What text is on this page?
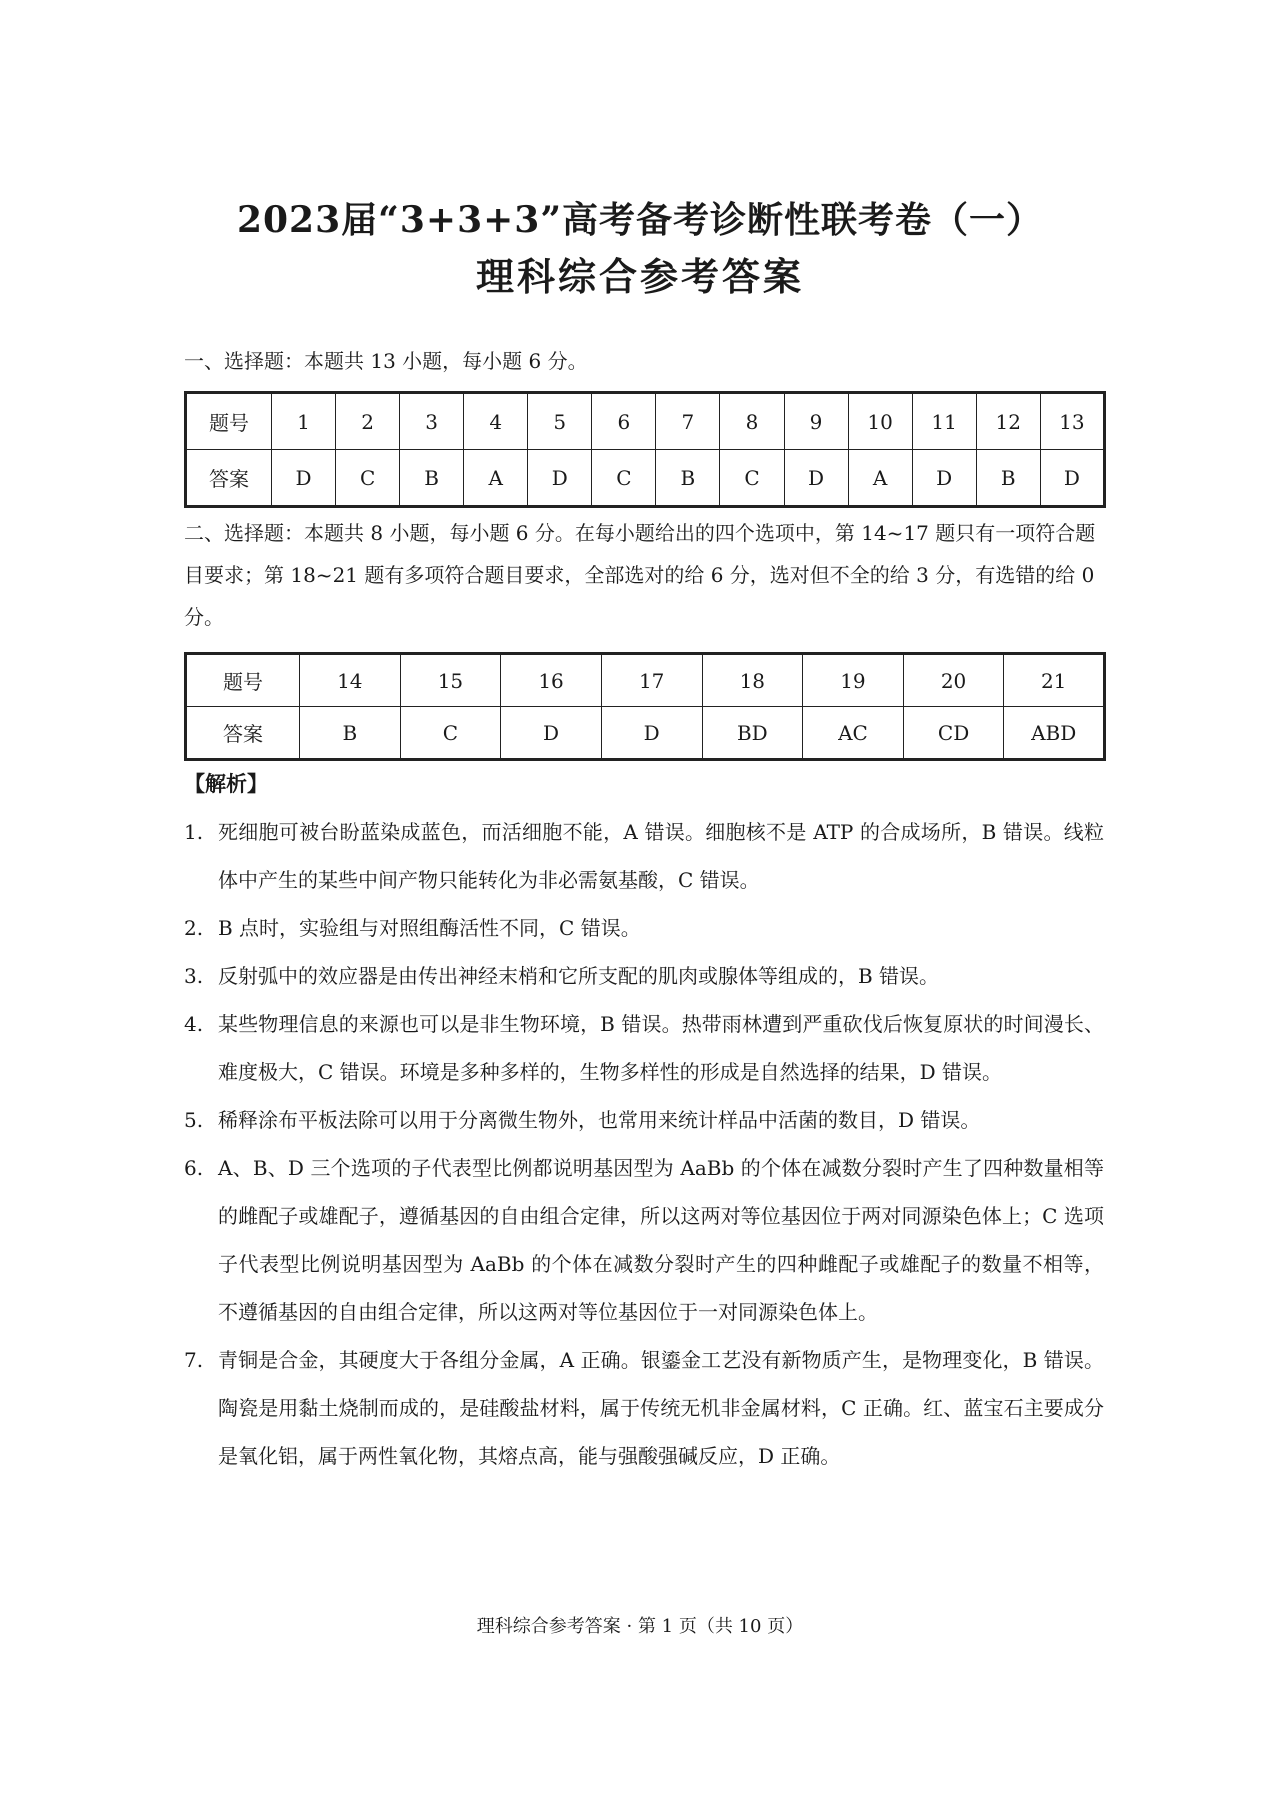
2023届“3+3+3”高考备考诊断性联考卷（一）
理科综合参考答案
一、选择题：本题共 13 小题，每小题 6 分。
题号	1	2	3	4	5	6	7	8	9	10	11	12	13
答案	D	C	B	A	D	C	B	C	D	A	D	B	D
二、选择题：本题共 8 小题，每小题 6 分。在每小题给出的四个选项中，第 14~17 题只有一项符合题目要求；第 18~21 题有多项符合题目要求，全部选对的给 6 分，选对但不全的给 3 分，有选错的给 0 分。
题号	14	15	16	17	18	19	20	21
答案	B	C	D	D	BD	AC	CD	ABD
【解析】
1. 死细胞可被台盼蓝染成蓝色，而活细胞不能，A 错误。细胞核不是 ATP 的合成场所，B 错误。线粒体中产生的某些中间产物只能转化为非必需氨基酸，C 错误。
2. B 点时，实验组与对照组酶活性不同，C 错误。
3. 反射弧中的效应器是由传出神经末梢和它所支配的肌肉或腺体等组成的，B 错误。
4. 某些物理信息的来源也可以是非生物环境，B 错误。热带雨林遭到严重砍伐后恢复原状的时间漫长、难度极大，C 错误。环境是多种多样的，生物多样性的形成是自然选择的结果，D 错误。
5. 稀释涂布平板法除可以用于分离微生物外，也常用来统计样品中活菌的数目，D 错误。
6. A、B、D 三个选项的子代表型比例都说明基因型为 AaBb 的个体在减数分裂时产生了四种数量相等的雌配子或雄配子，遵循基因的自由组合定律，所以这两对等位基因位于两对同源染色体上；C 选项子代表型比例说明基因型为 AaBb 的个体在减数分裂时产生的四种雌配子或雄配子的数量不相等，不遵循基因的自由组合定律，所以这两对等位基因位于一对同源染色体上。
7. 青铜是合金，其硬度大于各组分金属，A 正确。银鎏金工艺没有新物质产生，是物理变化，B 错误。陶瓷是用黏土烧制而成的，是硅酸盐材料，属于传统无机非金属材料，C 正确。红、蓝宝石主要成分是氧化铝，属于两性氧化物，其熔点高，能与强酸强碱反应，D 正确。
理科综合参考答案 · 第 1 页（共 10 页）
